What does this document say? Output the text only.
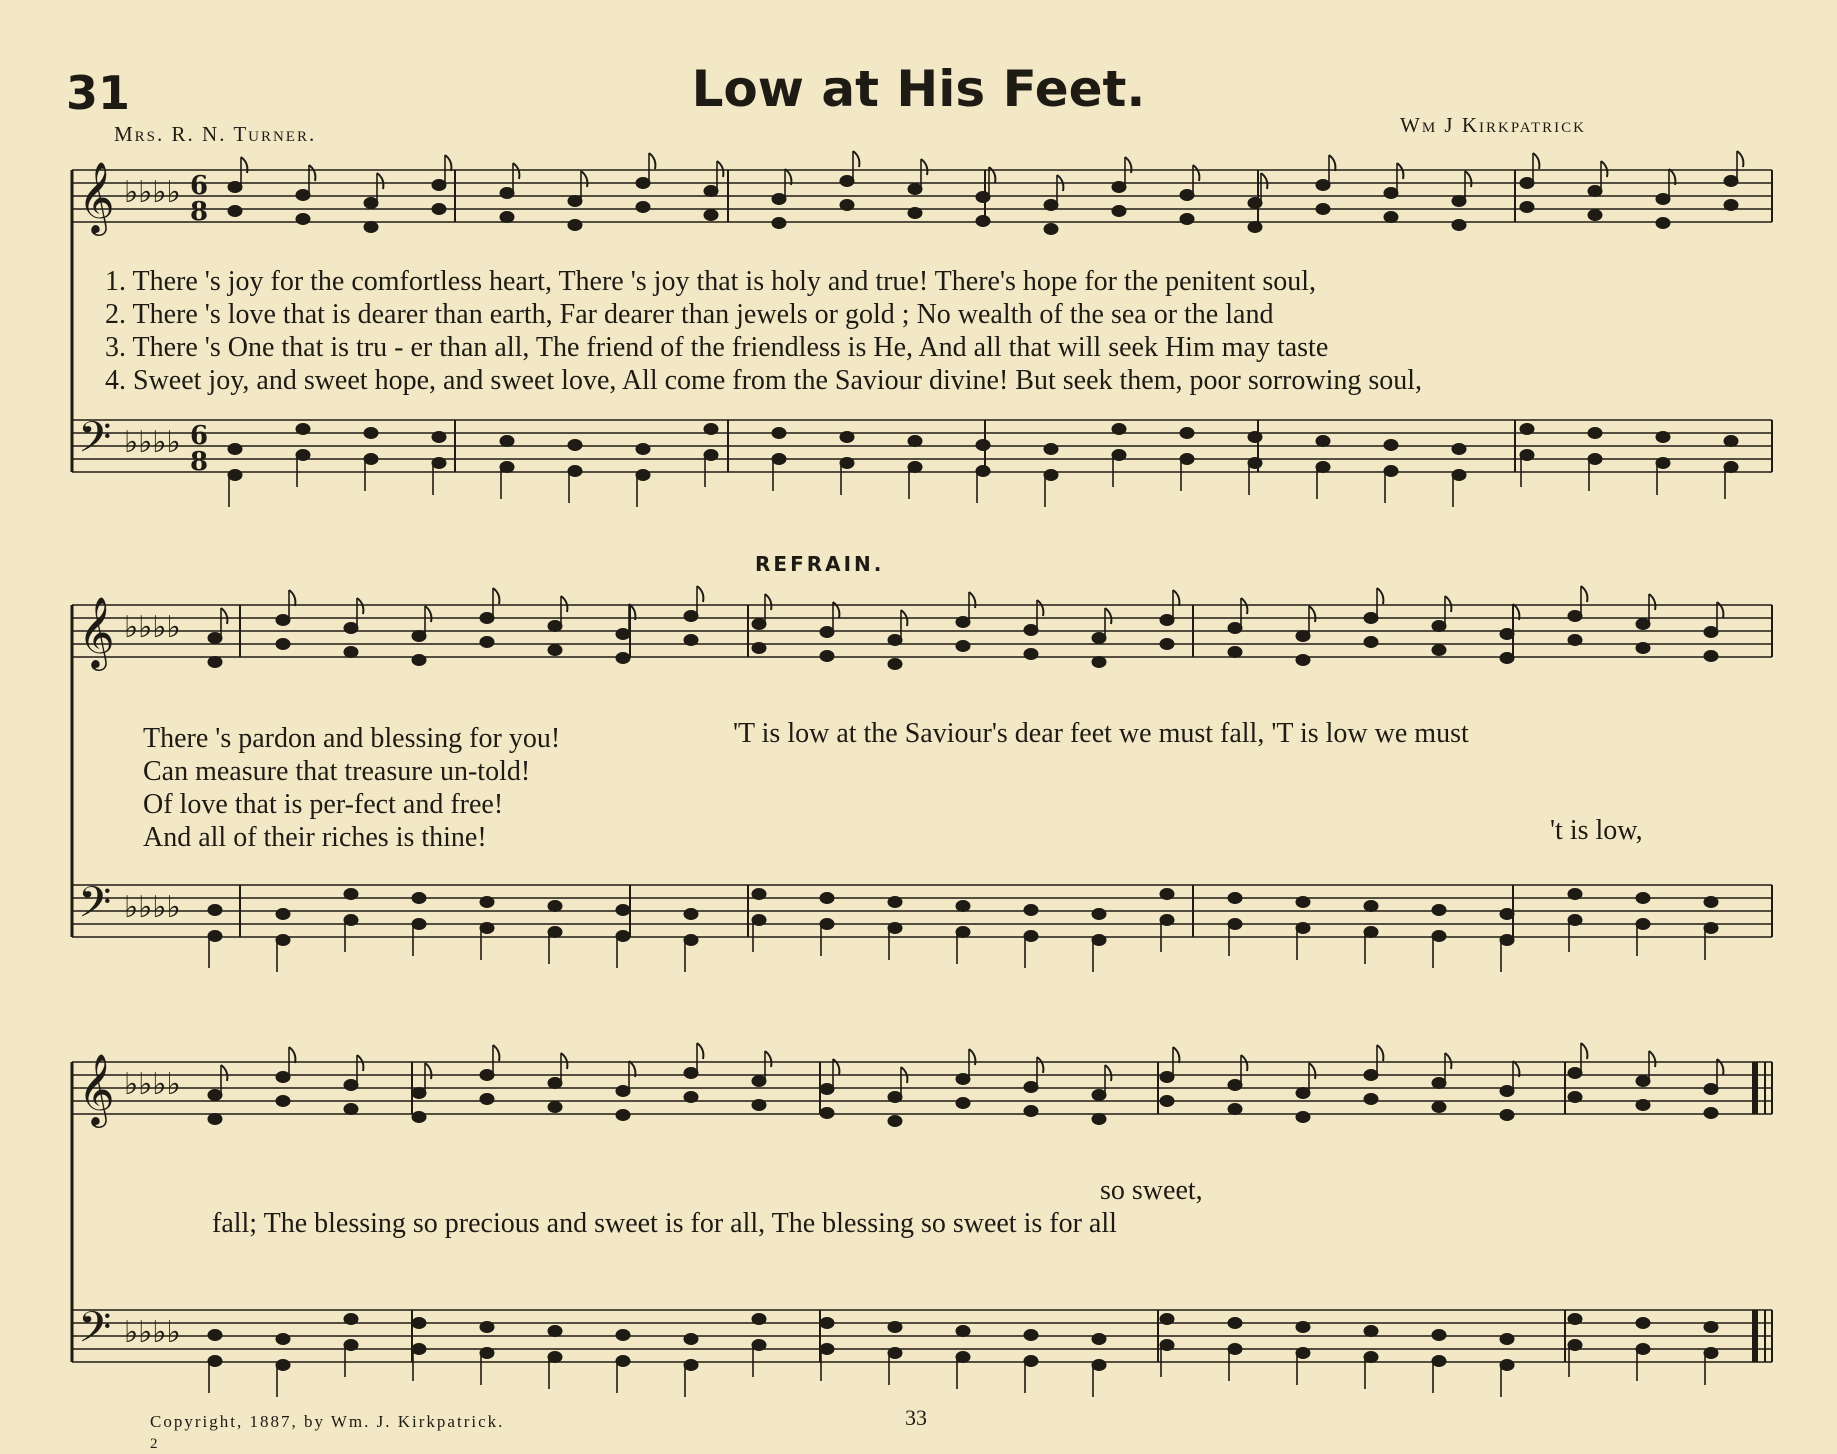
𝄞 ♭♭♭♭ 6
8
𝄢 ♭♭♭♭ 6
8
𝄞 ♭♭♭♭
𝄢 ♭♭♭♭
𝄞 ♭♭♭♭
𝄢 ♭♭♭♭
31	Low at His Feet.
Mrs. R. N. Turner.	Wm J Kirkpatrick
1. There 's joy for the comfortless heart, There 's joy that is holy and true! There's hope for the penitent soul,
2. There 's love that is dearer than earth, Far dearer than jewels or gold ; No wealth of the sea or the land
3. There 's One that is tru - er than all, The friend of the friendless is He, And all that will seek Him may taste
4. Sweet joy, and sweet hope, and sweet love, All come from the Saviour divine! But seek them, poor sorrowing soul,
REFRAIN.
There 's pardon and blessing for you!
Can measure that treasure un-told!
Of love that is per-fect and free!
And all of their riches is thine!
'T is low at the Saviour's dear feet we must fall, 'T is low we must
't is low,
so sweet,
fall; The blessing so precious and sweet is for all, The blessing so sweet is for all
Copyright, 1887, by Wm. J. Kirkpatrick.	33
2
